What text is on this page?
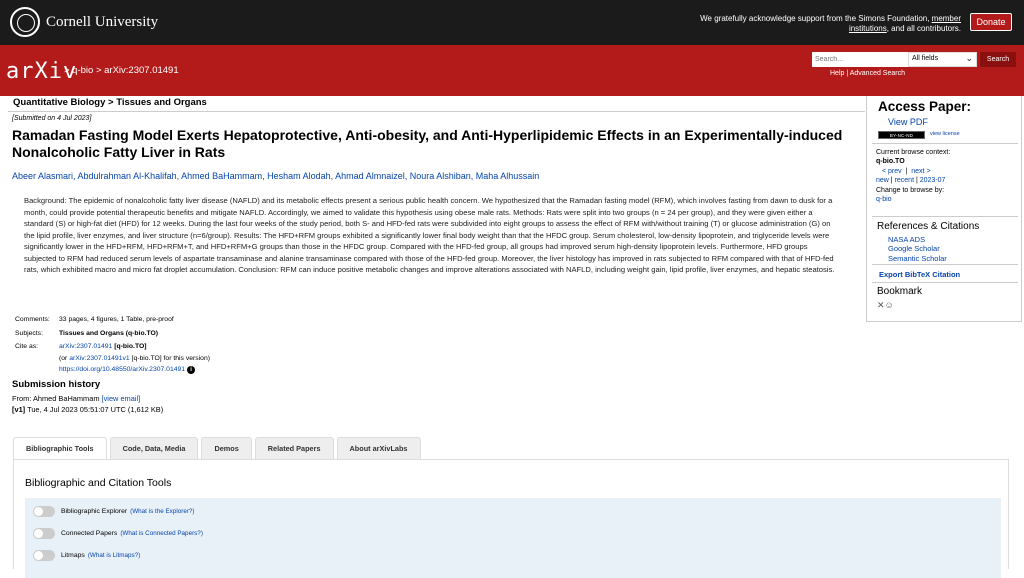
Cornell University	We gratefully acknowledge support from the Simons Foundation, member
institutions, and all contributors.
Donate
arXiv
> q-bio > arXiv:2307.01491
Search...
All fields	⌄	Search
Help | Advanced Search
Quantitative Biology > Tissues and Organs
[Submitted on 4 Jul 2023]
Ramadan Fasting Model Exerts Hepatoprotective, Anti-obesity, and Anti-Hyperlipidemic Effects in an Experimentally-induced Nonalcoholic Fatty Liver in Rats
Abeer Alasmari, Abdulrahman Al-Khalifah, Ahmed BaHammam, Hesham Alodah, Ahmad Almnaizel, Noura Alshiban, Maha Alhussain
Background: The epidemic of nonalcoholic fatty liver disease (NAFLD) and its metabolic effects present a serious public health concern. We hypothesized that the Ramadan fasting model (RFM), which involves fasting from dawn to dusk for a month, could provide potential therapeutic benefits and mitigate NAFLD. Accordingly, we aimed to validate this hypothesis using obese male rats. Methods: Rats were split into two groups (n = 24 per group), and they were given either a standard (S) or high-fat diet (HFD) for 12 weeks. During the last four weeks of the study period, both S- and HFD-fed rats were subdivided into eight groups to assess the effect of RFM with/without training (T) or glucose administration (G) on the lipid profile, liver enzymes, and liver structure (n=6/group). Results: The HFD+RFM groups exhibited a significantly lower final body weight than that the HFDC group. Serum cholesterol, low-density lipoprotein, and triglyceride levels were significantly lower in the HFD+RFM, HFD+RFM+T, and HFD+RFM+G groups than those in the HFDC group. Compared with the HFD-fed group, all groups had improved serum high-density lipoprotein levels. Furthermore, HFD groups subjected to RFM had reduced serum levels of aspartate transaminase and alanine transaminase compared with those of the HFD-fed group. Moreover, the liver histology has improved in rats subjected to RFM compared with that of HFD-fed rats, which exhibited macro and micro fat droplet accumulation. Conclusion: RFM can induce positive metabolic changes and improve alterations associated with NAFLD, including weight gain, lipid profile, liver enzymes, and hepatic steatosis.
Comments:	33 pages, 4 figures, 1 Table, pre-proof
Subjects:	Tissues and Organs (q-bio.TO)
Cite as:	arXiv:2307.01491 [q-bio.TO]
(or arXiv:2307.01491v1 [q-bio.TO] for this version)
https://doi.org/10.48550/arXiv.2307.01491 i
Submission history
From: Ahmed BaHammam [view email]
[v1] Tue, 4 Jul 2023 05:51:07 UTC (1,612 KB)
Bibliographic Tools	Code, Data, Media	Demos	Related Papers	About arXivLabs
Bibliographic and Citation Tools
Bibliographic Explorer (What is the Explorer?)
Connected Papers (What is Connected Papers?)
Litmaps (What is Litmaps?)
Access Paper:
View PDF
BY-NC-ND	view license
Current browse context:
q-bio.TO
< prev | next >
new | recent | 2023-07
Change to browse by:
q-bio
References & Citations
NASA ADS
Google Scholar
Semantic Scholar
Export BibTeX Citation
Bookmark
✕☺
